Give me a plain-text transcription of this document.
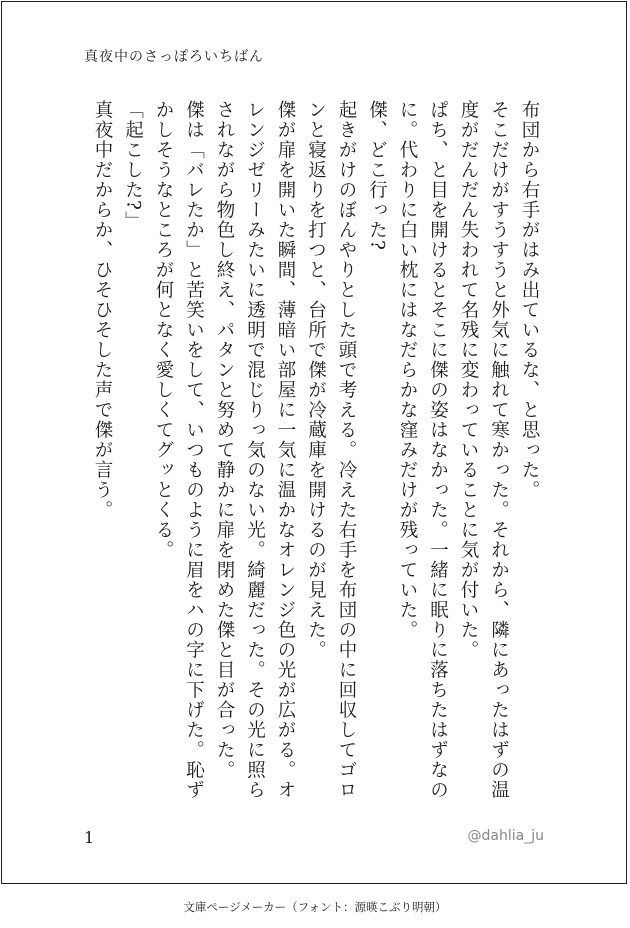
真夜中のさっぽろいちばん

布団から右手がはみ出ているな、と思った。

そこだけがすうすうと外気に触れて寒かった。それから、隣にあったはずの温度がだんだん失われて名残に変わっていることに気が付いた。

ぱち、と目を開けるとそこに傑の姿はなかった。一緒に眠りに落ちたはずなのに。代わりに白い枕にはなだらかな窪みだけが残っていた。

傑、どこ行った?

起きがけのぼんやりとした頭で考える。冷えた右手を布団の中に回収してゴロンと寝返りを打つと、台所で傑が冷蔵庫を開けるのが見えた。

傑が扉を開いた瞬間、薄暗い部屋に一気に温かなオレンジ色の光が広がる。オレンジゼリーみたいに透明で混じりっ気のない光。綺麗だった。その光に照らされながら物色し終え、パタンと努めて静かに扉を閉めた傑と目が合った。

傑は「バレたか」と苦笑いをして、いつものように眉をハの字に下げた。恥ずかしそうなところが何となく愛しくてグッとくる。

「起こした?」

真夜中だからか、ひそひそした声で傑が言う。

1	@dahlia_ju
文庫ページメーカー（フォント：源暎こぶり明朝）
